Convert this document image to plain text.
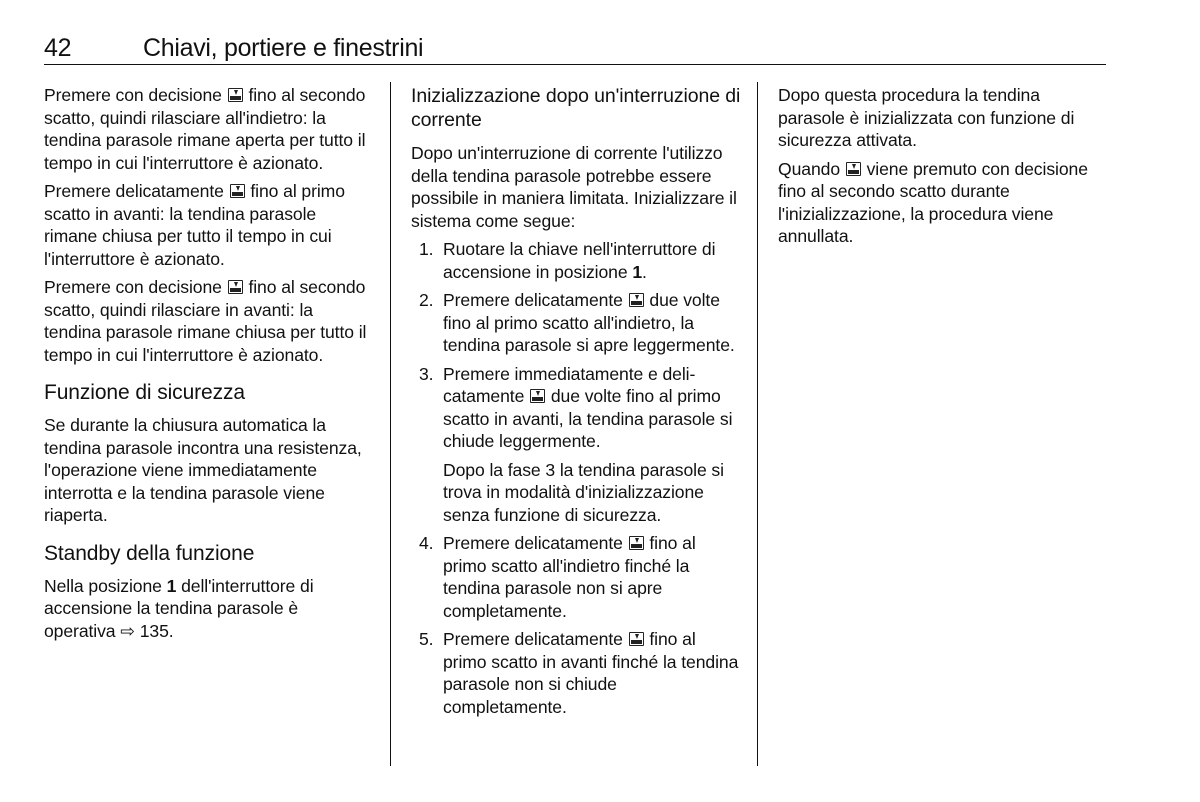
42	Chiavi, portiere e finestrini

Premere con decisione fino al secondo scatto, quindi rilasciare all'indietro: la tendina parasole rimane aperta per tutto il tempo in cui l'interruttore è azionato.

Premere delicatamente fino al primo scatto in avanti: la tendina parasole rimane chiusa per tutto il tempo in cui l'interruttore è azionato.

Premere con decisione fino al secondo scatto, quindi rilasciare in avanti: la tendina parasole rimane chiusa per tutto il tempo in cui l'interruttore è azionato.

Funzione di sicurezza

Se durante la chiusura automatica la tendina parasole incontra una resistenza, l'operazione viene immediatamente interrotta e la tendina parasole viene riaperta.

Standby della funzione

Nella posizione 1 dell'interruttore di accensione la tendina parasole è operativa ⇨ 135.

Inizializzazione dopo un'interruzione di corrente

Dopo un'interruzione di corrente l'utilizzo della tendina parasole potrebbe essere possibile in maniera limitata. Inizializzare il sistema come segue:

1. Ruotare la chiave nell'interruttore di accensione in posizione 1.
2. Premere delicatamente due volte fino al primo scatto all'indietro, la tendina parasole si apre leggermente.
3. Premere immediatamente e delicatamente due volte fino al primo scatto in avanti, la tendina parasole si chiude leggermente.

Dopo la fase 3 la tendina parasole si trova in modalità d'inizializzazione senza funzione di sicurezza.

4. Premere delicatamente fino al primo scatto all'indietro finché la tendina parasole non si apre completamente.
5. Premere delicatamente fino al primo scatto in avanti finché la tendina parasole non si chiude completamente.

Dopo questa procedura la tendina parasole è inizializzata con funzione di sicurezza attivata.

Quando viene premuto con decisione fino al secondo scatto durante l'inizializzazione, la procedura viene annullata.
